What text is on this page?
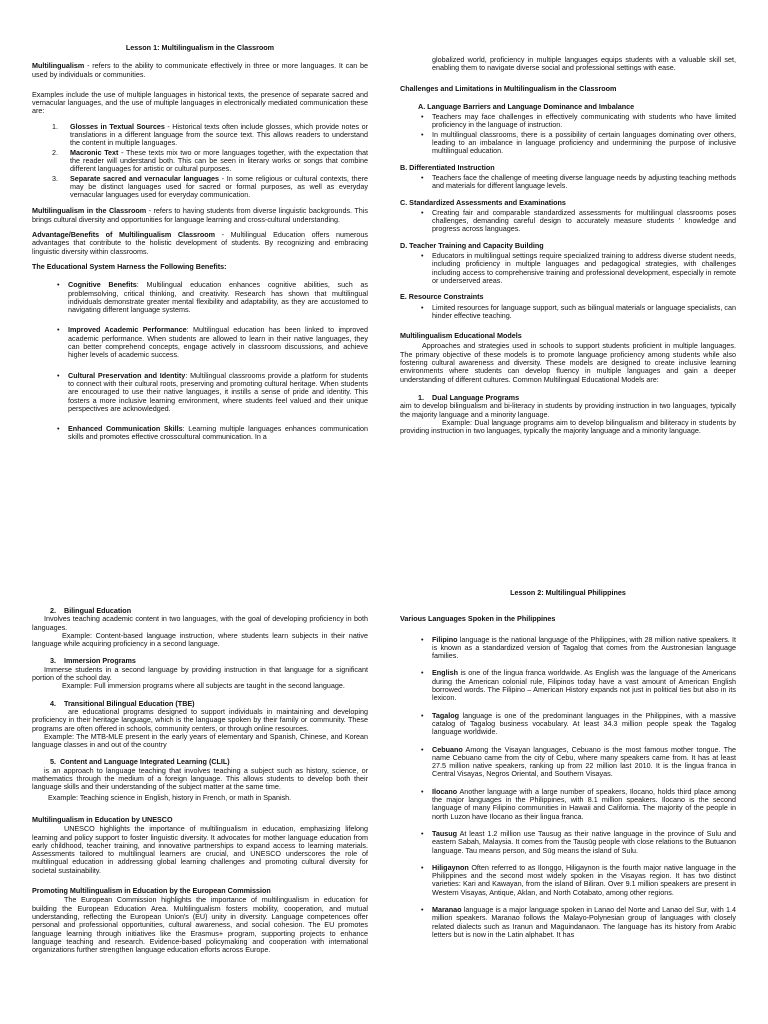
Lesson 1: Multilingualism in the Classroom

Multilingualism - refers to the ability to communicate effectively in three or more languages. It can be used by individuals or communities.

Examples include the use of multiple languages in historical texts, the presence of separate sacred and vernacular languages, and the use of multiple languages in electronically mediated communication these are:

1. Glosses in Textual Sources - Historical texts often include glosses, which provide notes or translations in a different language from the source text. This allows readers to understand the content in multiple languages.
2. Macronic Text - These texts mix two or more languages together, with the expectation that the reader will understand both. This can be seen in literary works or songs that combine different languages for artistic or cultural purposes.
3. Separate sacred and vernacular languages - In some religious or cultural contexts, there may be distinct languages used for sacred or formal purposes, as well as everyday vernacular languages used for everyday communication.

Multilingualism in the Classroom - refers to having students from diverse linguistic backgrounds. This brings cultural diversity and opportunities for language learning and cross-cultural understanding.

Advantage/Benefits of Multilingualism Classroom - Multilingual Education offers numerous advantages that contribute to the holistic development of students. By recognizing and embracing linguistic diversity within classrooms.

The Educational System Harness the Following Benefits:

• Cognitive Benefits: Multilingual education enhances cognitive abilities, such as problemsolving, critical thinking, and creativity. Research has shown that multilingual individuals demonstrate greater mental flexibility and adaptability, as they are accustomed to navigating different language systems.
• Improved Academic Performance: Multilingual education has been linked to improved academic performance. When students are allowed to learn in their native languages, they can better comprehend concepts, engage actively in classroom discussions, and achieve higher levels of academic success.
• Cultural Preservation and Identity: Multilingual classrooms provide a platform for students to connect with their cultural roots, preserving and promoting cultural heritage. When students are encouraged to use their native languages, it instills a sense of pride and identity. This fosters a more inclusive learning environment, where students feel valued and their unique perspectives are acknowledged.
• Enhanced Communication Skills: Learning multiple languages enhances communication skills and promotes effective crosscultural communication. In a

globalized world, proficiency in multiple languages equips students with a valuable skill set, enabling them to navigate diverse social and professional settings with ease.

Challenges and Limitations in Multilingualism in the Classroom

A. Language Barriers and Language Dominance and Imbalance
• Teachers may face challenges in effectively communicating with students who have limited proficiency in the language of instruction.
• In multilingual classrooms, there is a possibility of certain languages dominating over others, leading to an imbalance in language proficiency and undermining the purpose of inclusive multilingual education.
B. Differentiated Instruction
• Teachers face the challenge of meeting diverse language needs by adjusting teaching methods and materials for different language levels.
C. Standardized Assessments and Examinations
• Creating fair and comparable standardized assessments for multilingual classrooms poses challenges, demanding careful design to accurately measure students ' knowledge and progress across languages.
D. Teacher Training and Capacity Building
• Educators in multilingual settings require specialized training to address diverse student needs, including proficiency in multiple languages and pedagogical strategies, with challenges including access to comprehensive training and professional development, especially in remote or underserved areas.
E. Resource Constraints
• Limited resources for language support, such as bilingual materials or language specialists, can hinder effective teaching.

Multilingualism Educational Models

Approaches and strategies used in schools to support students proficient in multiple languages. The primary objective of these models is to promote language proficiency among students while also fostering cultural awareness and diversity. These models are designed to create inclusive learning environments where students can develop fluency in multiple languages and gain a deeper understanding of different cultures. Common Multilingual Educational Models are:

1. Dual Language Programs

aim to develop bilingualism and bi-literacy in students by providing instruction in two languages, typically the majority language and a minority language.

Example: Dual language programs aim to develop bilingualism and biliteracy in students by providing instruction in two languages, typically the majority language and a minority language.

2. Bilingual Education

Involves teaching academic content in two languages, with the goal of developing proficiency in both languages.

Example: Content-based language instruction, where students learn subjects in their native language while acquiring proficiency in a second language.

3. Immersion Programs

Immerse students in a second language by providing instruction in that language for a significant portion of the school day.

Example: Full immersion programs where all subjects are taught in the second language.

4. Transitional Bilingual Education (TBE)

are educational programs designed to support individuals in maintaining and developing proficiency in their heritage language, which is the language spoken by their family or community. These programs are often offered in schools, community centers, or through online resources.

Example: The MTB-MLE present in the early years of elementary and Spanish, Chinese, and Korean language classes in and out of the country

5. Content and Language Integrated Learning (CLIL)

is an approach to language teaching that involves teaching a subject such as history, science, or mathematics through the medium of a foreign language. This allows students to develop both their language skills and their understanding of the subject matter at the same time.

Example: Teaching science in English, history in French, or math in Spanish.

Multilingualism in Education by UNESCO

UNESCO highlights the importance of multilingualism in education, emphasizing lifelong learning and policy support to foster linguistic diversity. It advocates for mother language education from early childhood, teacher training, and innovative partnerships to expand access to learning materials. Assessments tailored to multilingual learners are crucial, and UNESCO underscores the role of multilingual education in addressing global learning challenges and promoting cultural diversity for societal sustainability.

Promoting Multilingualism in Education by the European Commission

The European Commission highlights the importance of multilingualism in education for building the European Education Area. Multilingualism fosters mobility, cooperation, and mutual understanding, reflecting the European Union's (EU) unity in diversity. Language competences offer personal and professional opportunities, cultural awareness, and social cohesion. The EU promotes language learning through initiatives like the Erasmus+ program, supporting projects to enhance language teaching and research. Evidence-based policymaking and cooperation with international organizations further strengthen language education efforts across Europe.

Lesson 2: Multilingual Philippines

Various Languages Spoken in the Philippines

• Filipino language is the national language of the Philippines, with 28 million native speakers. It is known as a standardized version of Tagalog that comes from the Austronesian language families.
• English is one of the lingua franca worldwide. As English was the language of the Americans during the American colonial rule, Filipinos today have a vast amount of American English borrowed words. The Filipino – American History expands not just in political ties but also in its lexicon.
• Tagalog language is one of the predominant languages in the Philippines, with a massive catalog of Tagalog business vocabulary. At least 34.3 million people speak the Tagalog language worldwide.
• Cebuano Among the Visayan languages, Cebuano is the most famous mother tongue. The name Cebuano came from the city of Cebu, where many speakers came from. It has at least 27.5 million native speakers, ranking up from 22 million last 2010. It is the lingua franca in Central Visayas, Negros Oriental, and Southern Visayas.
• Ilocano Another language with a large number of speakers, Ilocano, holds third place among the major languages in the Philippines, with 8.1 million speakers. Ilocano is the second language of many Filipino communities in Hawaii and California. The majority of the people in north Luzon have Ilocano as their lingua franca.
• Tausug At least 1.2 million use Tausug as their native language in the province of Sulu and eastern Sabah, Malaysia. It comes from the Tausūg people with close relations to the Butuanon language. Tau means person, and Sūg means the island of Sulu.
• Hiligaynon Often referred to as Ilonggo, Hiligaynon is the fourth major native language in the Philippines and the second most widely spoken in the Visayas region. It has two distinct varieties: Kari and Kawayan, from the island of Biliran. Over 9.1 million speakers are present in Western Visayas, Antique, Aklan, and North Cotabato, among other regions.
• Maranao language is a major language spoken in Lanao del Norte and Lanao del Sur, with 1.4 million speakers. Maranao follows the Malayo-Polynesian group of languages with closely related dialects such as Iranun and Maguindanaon. The language has its history from Arabic letters but is now in the Latin alphabet. It has
